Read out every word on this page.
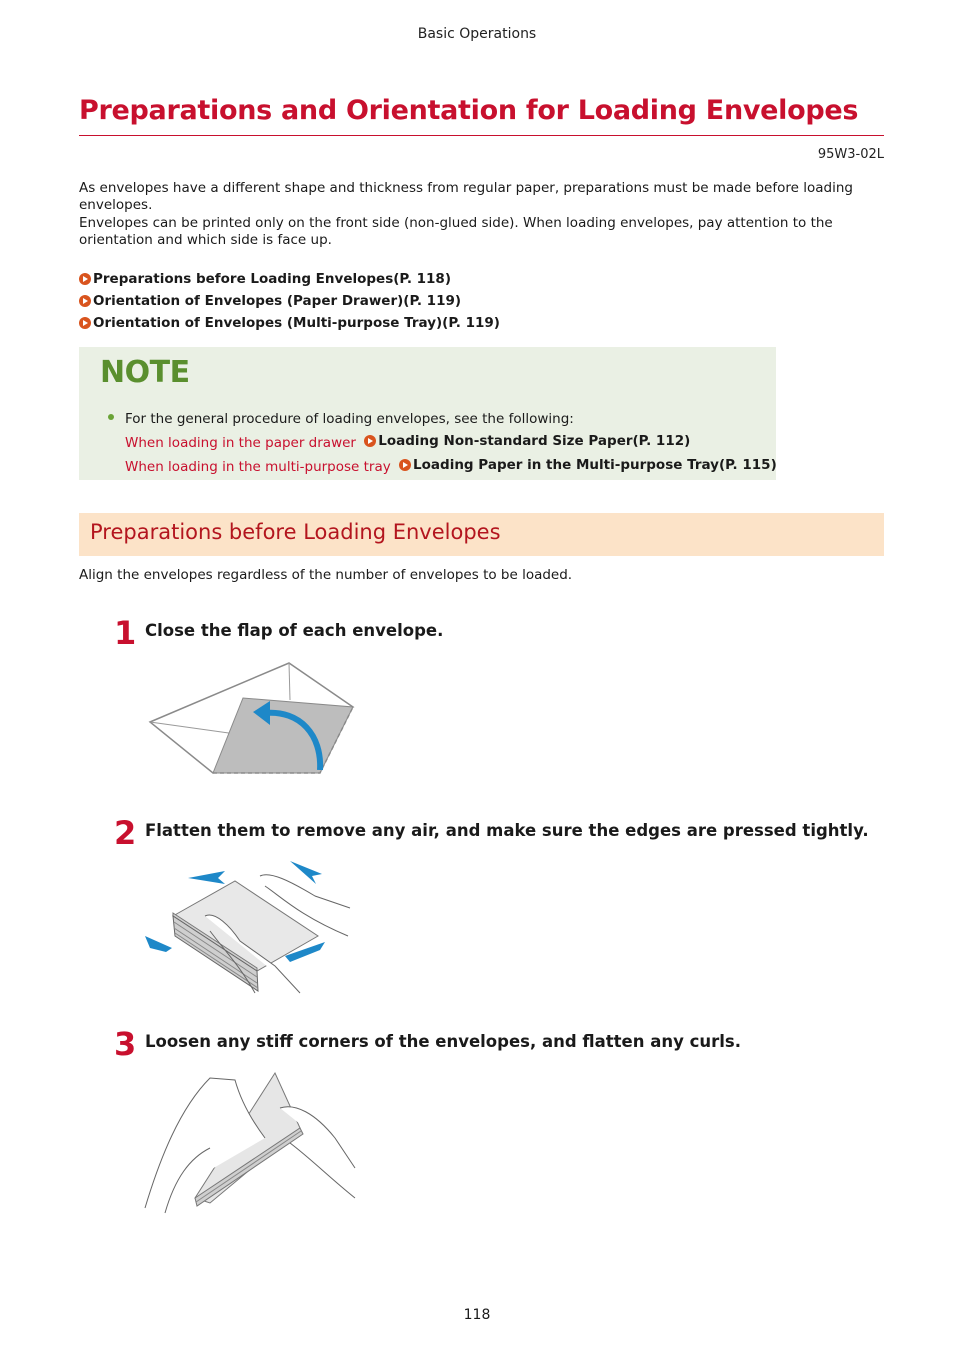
Basic Operations
Preparations and Orientation for Loading Envelopes
95W3-02L

As envelopes have a different shape and thickness from regular paper, preparations must be made before loading envelopes.

Envelopes can be printed only on the front side (non-glued side). When loading envelopes, pay attention to the orientation and which side is face up.

Preparations before Loading Envelopes(P. 118)
Orientation of Envelopes (Paper Drawer)(P. 119)
Orientation of Envelopes (Multi-purpose Tray)(P. 119)
NOTE
For the general procedure of loading envelopes, see the following:
When loading in the paper drawer Loading Non-standard Size Paper(P. 112)
When loading in the multi-purpose tray Loading Paper in the Multi-purpose Tray(P. 115)
Preparations before Loading Envelopes
Align the envelopes regardless of the number of envelopes to be loaded.
1 Close the flap of each envelope.
2 Flatten them to remove any air, and make sure the edges are pressed tightly.
3 Loosen any stiff corners of the envelopes, and flatten any curls.
118
